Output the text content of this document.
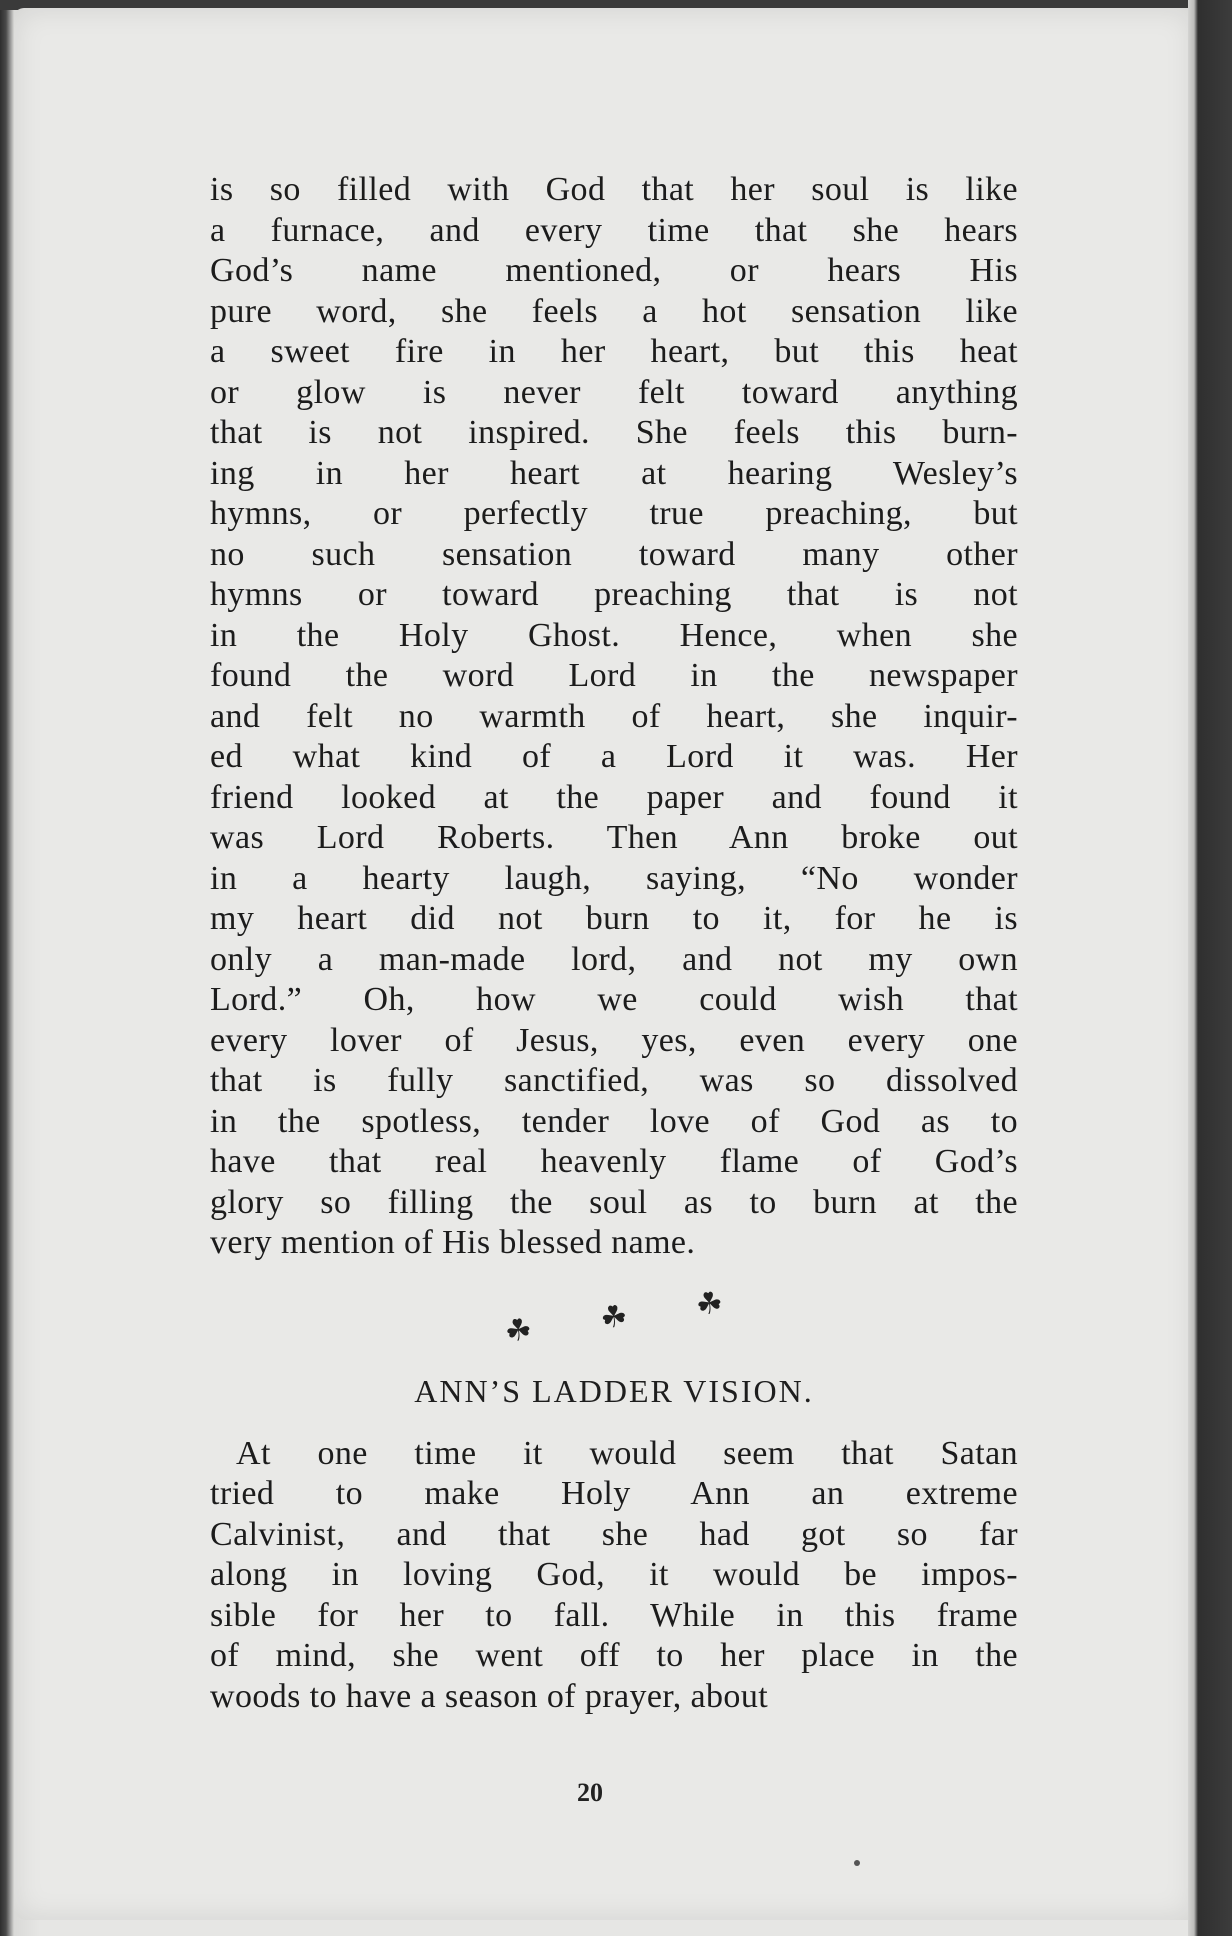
is so filled with God that her soul is like
a furnace, and every time that she hears
God’s name mentioned, or hears His
pure word, she feels a hot sensation like
a sweet fire in her heart, but this heat
or glow is never felt toward anything
that is not inspired. She feels this burn-
ing in her heart at hearing Wesley’s
hymns, or perfectly true preaching, but
no such sensation toward many other
hymns or toward preaching that is not
in the Holy Ghost. Hence, when she
found the word Lord in the newspaper
and felt no warmth of heart, she inquir-
ed what kind of a Lord it was. Her
friend looked at the paper and found it
was Lord Roberts. Then Ann broke out
in a hearty laugh, saying, “No wonder
my heart did not burn to it, for he is
only a man-made lord, and not my own
Lord.” Oh, how we could wish that
every lover of Jesus, yes, even every one
that is fully sanctified, was so dissolved
in the spotless, tender love of God as to
have that real heavenly flame of God’s
glory so filling the soul as to burn at the
very mention of His blessed name.

☘ ☘ ☘
ANN’S LADDER VISION.

At one time it would seem that Satan
tried to make Holy Ann an extreme
Calvinist, and that she had got so far
along in loving God, it would be impos-
sible for her to fall. While in this frame
of mind, she went off to her place in the
woods to have a season of prayer, about

20
